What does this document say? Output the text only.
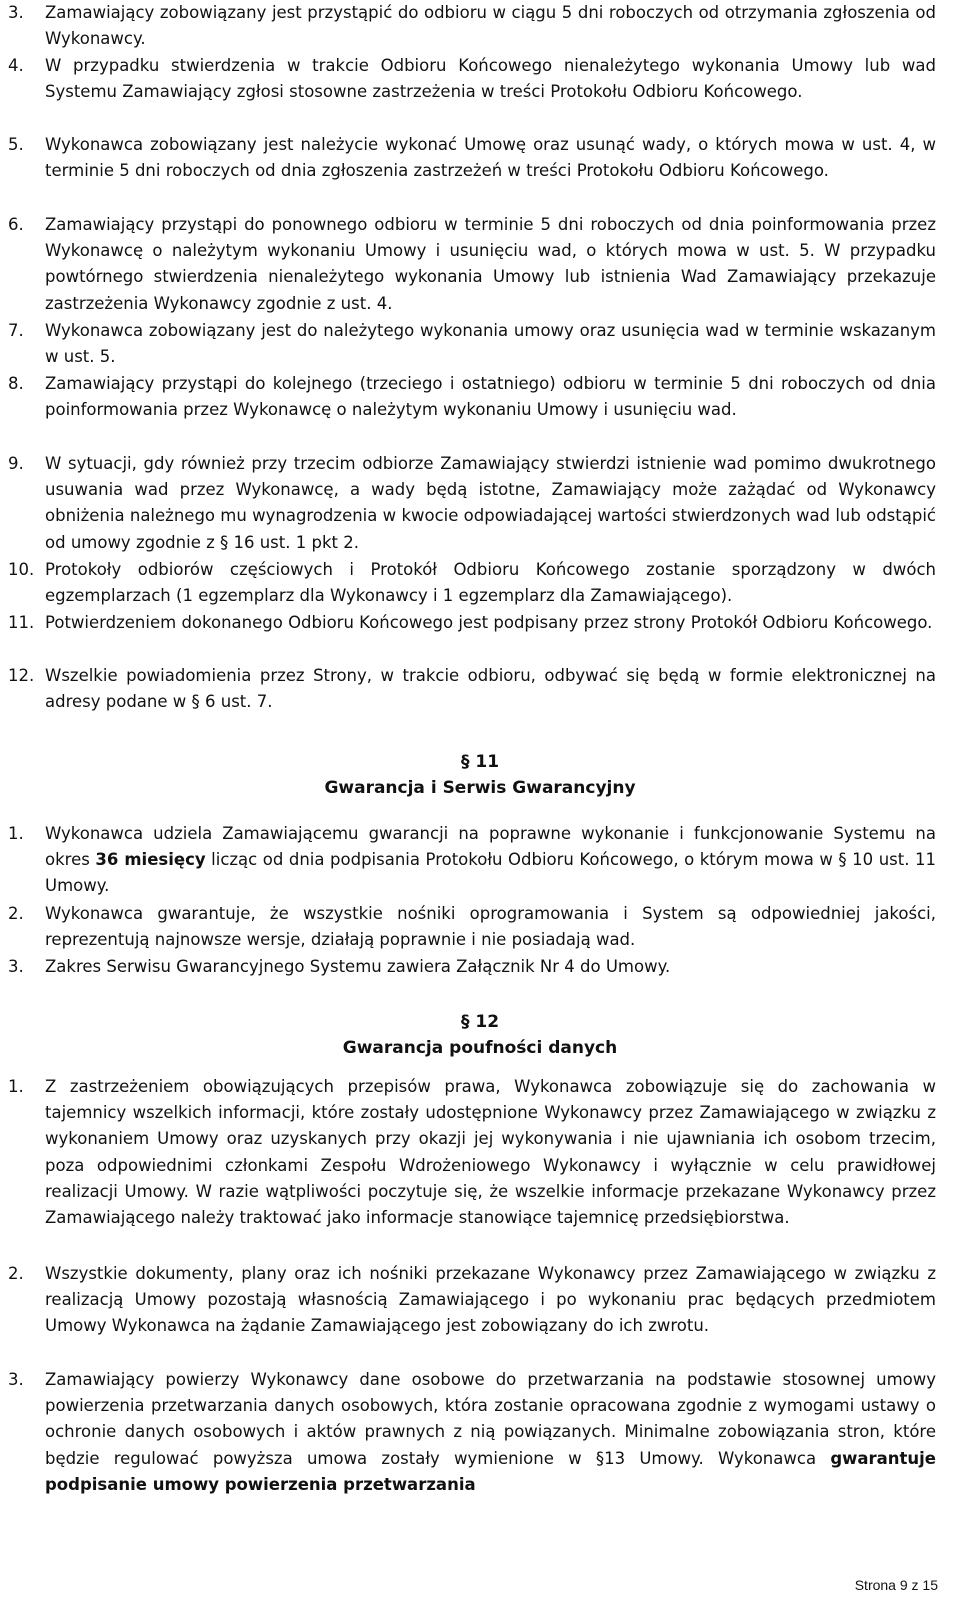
3. Zamawiający zobowiązany jest przystąpić do odbioru w ciągu 5 dni roboczych od otrzymania zgłoszenia od Wykonawcy.
4. W przypadku stwierdzenia w trakcie Odbioru Końcowego nienależytego wykonania Umowy lub wad Systemu Zamawiający zgłosi stosowne zastrzeżenia w treści Protokołu Odbioru Końcowego.
5. Wykonawca zobowiązany jest należycie wykonać Umowę oraz usunąć wady, o których mowa w ust. 4, w terminie 5 dni roboczych od dnia zgłoszenia zastrzeżeń w treści Protokołu Odbioru Końcowego.
6. Zamawiający przystąpi do ponownego odbioru w terminie 5 dni roboczych od dnia poinformowania przez Wykonawcę o należytym wykonaniu Umowy i usunięciu wad, o których mowa w ust. 5. W przypadku powtórnego stwierdzenia nienależytego wykonania Umowy lub istnienia Wad Zamawiający przekazuje zastrzeżenia Wykonawcy zgodnie z ust. 4.
7. Wykonawca zobowiązany jest do należytego wykonania umowy oraz usunięcia wad w terminie wskazanym w ust. 5.
8. Zamawiający przystąpi do kolejnego (trzeciego i ostatniego) odbioru w terminie 5 dni roboczych od dnia poinformowania przez Wykonawcę o należytym wykonaniu Umowy i usunięciu wad.
9. W sytuacji, gdy również przy trzecim odbiorze Zamawiający stwierdzi istnienie wad pomimo dwukrotnego usuwania wad przez Wykonawcę, a wady będą istotne, Zamawiający może zażądać od Wykonawcy obniżenia należnego mu wynagrodzenia w kwocie odpowiadającej wartości stwierdzonych wad lub odstąpić od umowy zgodnie z § 16 ust. 1 pkt 2.
10. Protokoły odbiorów częściowych i Protokół Odbioru Końcowego zostanie sporządzony w dwóch egzemplarzach (1 egzemplarz dla Wykonawcy i 1 egzemplarz dla Zamawiającego).
11. Potwierdzeniem dokonanego Odbioru Końcowego jest podpisany przez strony Protokół Odbioru Końcowego.
12. Wszelkie powiadomienia przez Strony, w trakcie odbioru, odbywać się będą w formie elektronicznej na adresy podane w § 6 ust. 7.
§ 11
Gwarancja i Serwis Gwarancyjny
1. Wykonawca udziela Zamawiającemu gwarancji na poprawne wykonanie i funkcjonowanie Systemu na okres 36 miesięcy licząc od dnia podpisania Protokołu Odbioru Końcowego, o którym mowa w § 10 ust. 11 Umowy.
2. Wykonawca gwarantuje, że wszystkie nośniki oprogramowania i System są odpowiedniej jakości, reprezentują najnowsze wersje, działają poprawnie i nie posiadają wad.
3. Zakres Serwisu Gwarancyjnego Systemu zawiera Załącznik Nr 4 do Umowy.
§ 12
Gwarancja poufności danych
1. Z zastrzeżeniem obowiązujących przepisów prawa, Wykonawca zobowiązuje się do zachowania w tajemnicy wszelkich informacji, które zostały udostępnione Wykonawcy przez Zamawiającego w związku z wykonaniem Umowy oraz uzyskanych przy okazji jej wykonywania i nie ujawniania ich osobom trzecim, poza odpowiednimi członkami Zespołu Wdrożeniowego Wykonawcy i wyłącznie w celu prawidłowej realizacji Umowy. W razie wątpliwości poczytuje się, że wszelkie informacje przekazane Wykonawcy przez Zamawiającego należy traktować jako informacje stanowiące tajemnicę przedsiębiorstwa.
2. Wszystkie dokumenty, plany oraz ich nośniki przekazane Wykonawcy przez Zamawiającego w związku z realizacją Umowy pozostają własnością Zamawiającego i po wykonaniu prac będących przedmiotem Umowy Wykonawca na żądanie Zamawiającego jest zobowiązany do ich zwrotu.
3. Zamawiający powierzy Wykonawcy dane osobowe do przetwarzania na podstawie stosownej umowy powierzenia przetwarzania danych osobowych, która zostanie opracowana zgodnie z wymogami ustawy o ochronie danych osobowych i aktów prawnych z nią powiązanych. Minimalne zobowiązania stron, które będzie regulować powyższa umowa zostały wymienione w §13 Umowy. Wykonawca gwarantuje podpisanie umowy powierzenia przetwarzania
Strona 9 z 15
